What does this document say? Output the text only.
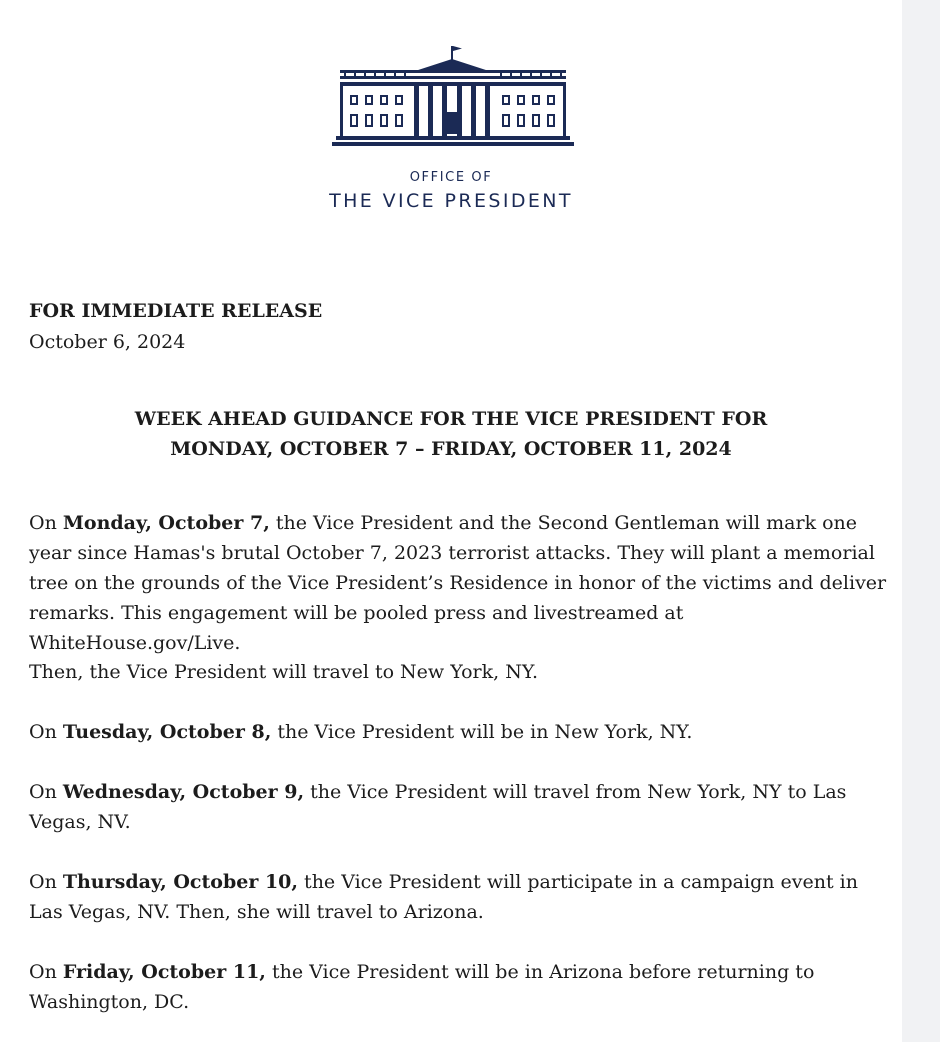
OFFICE OF
THE VICE PRESIDENT
FOR IMMEDIATE RELEASE
October 6, 2024
WEEK AHEAD GUIDANCE FOR THE VICE PRESIDENT FOR
MONDAY, OCTOBER 7 – FRIDAY, OCTOBER 11, 2024

On Monday, October 7, the Vice President and the Second Gentleman will mark one year since Hamas's brutal October 7, 2023 terrorist attacks. They will plant a memorial tree on the grounds of the Vice President’s Residence in honor of the victims and deliver remarks. This engagement will be pooled press and livestreamed at WhiteHouse.gov/Live.

Then, the Vice President will travel to New York, NY.

On Tuesday, October 8, the Vice President will be in New York, NY.

On Wednesday, October 9, the Vice President will travel from New York, NY to Las Vegas, NV.

On Thursday, October 10, the Vice President will participate in a campaign event in Las Vegas, NV. Then, she will travel to Arizona.

On Friday, October 11, the Vice President will be in Arizona before returning to Washington, DC.
